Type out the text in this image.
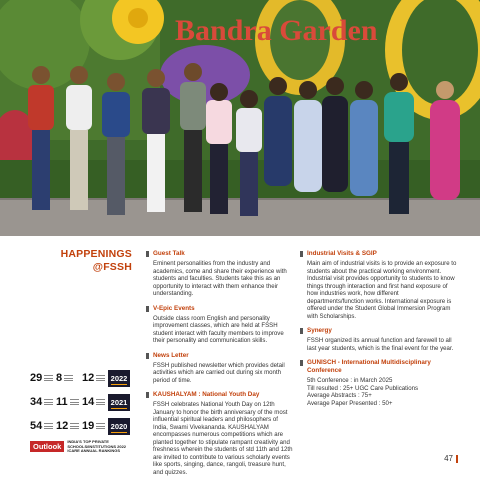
Bandra Garden
HAPPENINGS
@FSSH
Guest Talk

Eminent personalities from the industry and academics, come and share their experience with students and faculties. Students take this as an opportunity to interact with them enhance their understanding.

V-Epic Events

Outside class room English and personality improvement classes, which are held at FSSH student interact with faculty members to improve their personality and communication skills.

News Letter

FSSH published newsletter which provides detail activities which are carried out during six month period of time.

KAUSHALYAM : National Youth Day

FSSH celebrates National Youth Day on 12th January to honor the birth anniversary of the most influential spiritual leaders and philosophers of India, Swami Vivekananda. KAUSHALYAM encompasses numerous competitions which are planted together to stipulate rampant creativity and freshness wherein the students of std 11th and 12th are invited to contribute to various scholarly events like sports, singing, dance, rangoli, treasure hunt, and quizzes.

Industrial Visits & SGIP

Main aim of industrial visits is to provide an exposure to students about the practical working environment. Industrial visit provides opportunity to students to know things through interaction and first hand exposure of how industries work, how different departments/function works. International exposure is offered under the Student Global Immersion Program with Scholarships.

Synergy

FSSH organized its annual function and farewell to all last year students, which is the final event for the year.

GUNISCH - International Multidisciplinary Conference

5th Conference : in March 2025

Till resulted : 25+ UGC Care Publications

Average Abstracts : 75+

Average Paper Presented : 50+

29 8 12	2022
34 11 14	2021
54 12 19	2020
Outlook
INDIA'S TOP PRIVATE SCHOOLS/INSTITUTIONS 2022 ICARE ANNUAL RANKINGS
47
